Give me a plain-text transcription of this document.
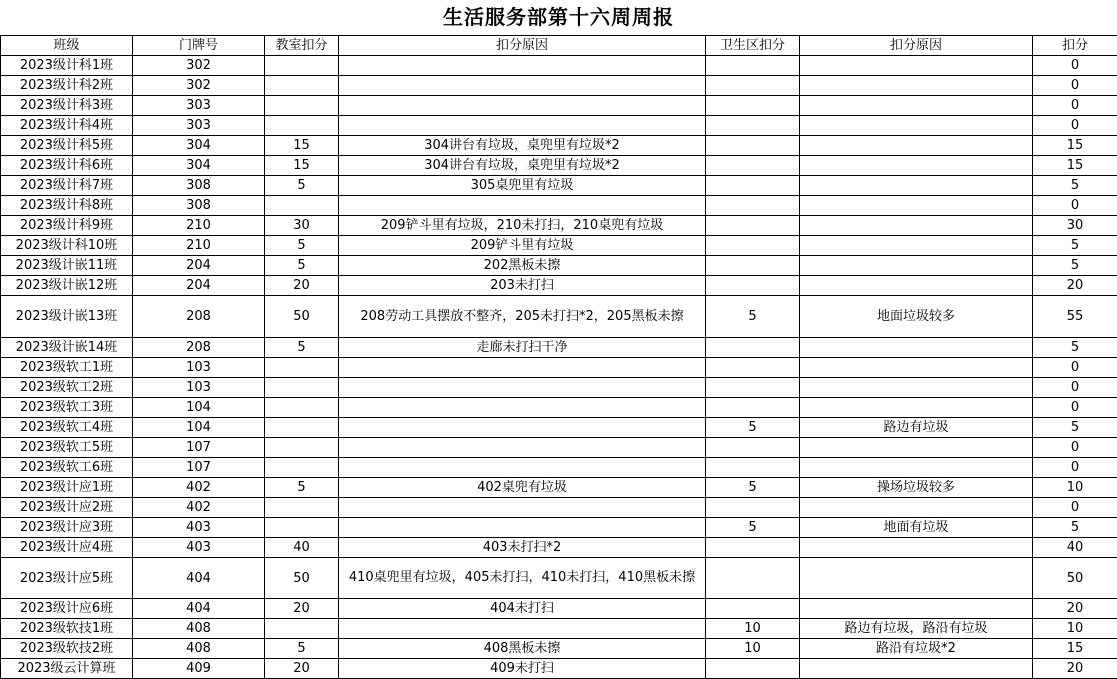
生活服务部第十六周周报
班级	门牌号	教室扣分	扣分原因	卫生区扣分	扣分原因	扣分
2023级计科1班	302					0
2023级计科2班	302					0
2023级计科3班	303					0
2023级计科4班	303					0
2023级计科5班	304	15	304讲台有垃圾，桌兜里有垃圾*2			15
2023级计科6班	304	15	304讲台有垃圾，桌兜里有垃圾*2			15
2023级计科7班	308	5	305桌兜里有垃圾			5
2023级计科8班	308					0
2023级计科9班	210	30	209铲斗里有垃圾，210未打扫，210桌兜有垃圾			30
2023级计科10班	210	5	209铲斗里有垃圾			5
2023级计嵌11班	204	5	202黑板未擦			5
2023级计嵌12班	204	20	203未打扫			20
2023级计嵌13班	208	50	208劳动工具摆放不整齐，205未打扫*2，205黑板未擦	5	地面垃圾较多	55
2023级计嵌14班	208	5	走廊未打扫干净			5
2023级软工1班	103					0
2023级软工2班	103					0
2023级软工3班	104					0
2023级软工4班	104			5	路边有垃圾	5
2023级软工5班	107					0
2023级软工6班	107					0
2023级计应1班	402	5	402桌兜有垃圾	5	操场垃圾较多	10
2023级计应2班	402					0
2023级计应3班	403			5	地面有垃圾	5
2023级计应4班	403	40	403未打扫*2			40
2023级计应5班	404	50	410桌兜里有垃圾，405未打扫，410未打扫，410黑板未擦			50
2023级计应6班	404	20	404未打扫			20
2023级软技1班	408			10	路边有垃圾，路沿有垃圾	10
2023级软技2班	408	5	408黑板未擦	10	路沿有垃圾*2	15
2023级云计算班	409	20	409未打扫			20
